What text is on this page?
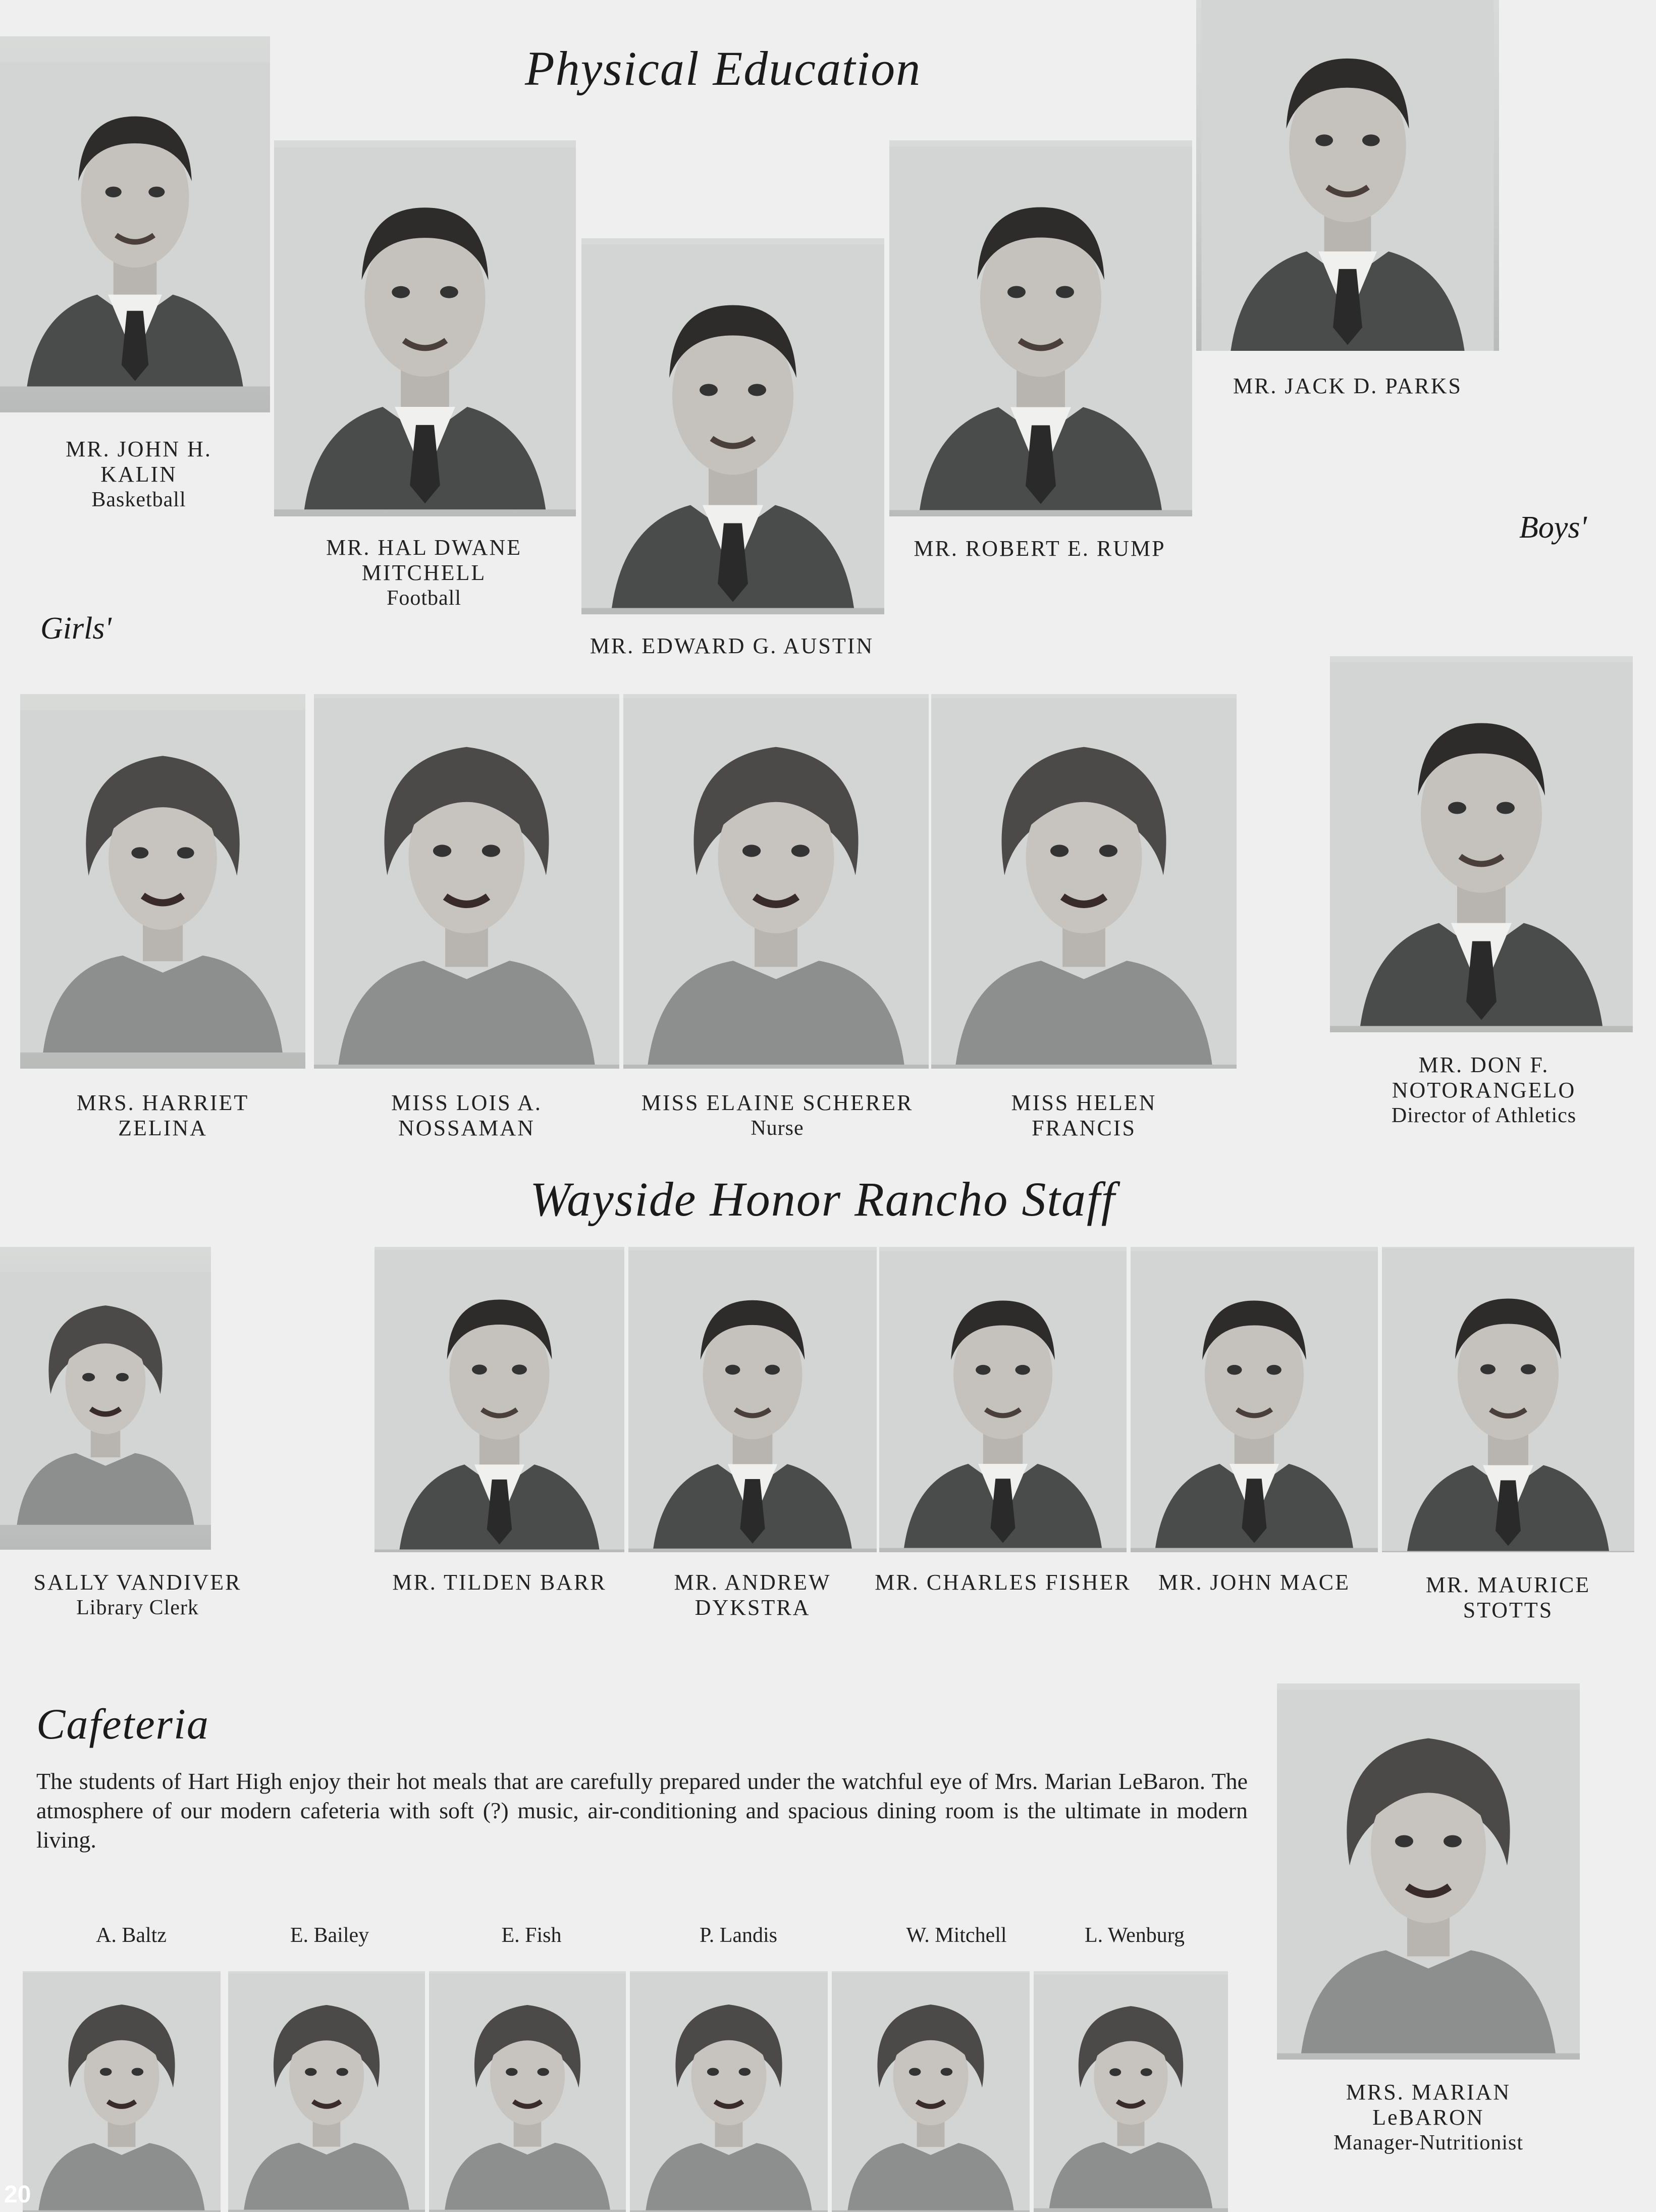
Physical Education
Boys'
Girls'
Wayside Honor Rancho Staff
Cafeteria
MR. JOHN H.
KALIN
Basketball
MR. HAL DWANE
MITCHELL
Football
MR. EDWARD G. AUSTIN
MR. ROBERT E. RUMP
MR. JACK D. PARKS
MRS. HARRIET
ZELINA
MISS LOIS A.
NOSSAMAN
MISS ELAINE SCHERER
Nurse
MISS HELEN
FRANCIS
MR. DON F.
NOTORANGELO
Director of Athletics
SALLY VANDIVER
Library Clerk
MR. TILDEN BARR	MR. ANDREW
DYKSTRA
MR. CHARLES FISHER	MR. JOHN MACE	MR. MAURICE
STOTTS
The students of Hart High enjoy their hot meals that are carefully prepared under the watchful eye of Mrs. Marian LeBaron. The atmosphere of our modern cafeteria with soft (?) music, air-conditioning and spacious dining room is the ultimate in modern living.
A. Baltz	E. Bailey	E. Fish	P. Landis	W. Mitchell	L. Wenburg
MRS. MARIAN
LeBARON
Manager-Nutritionist
20
